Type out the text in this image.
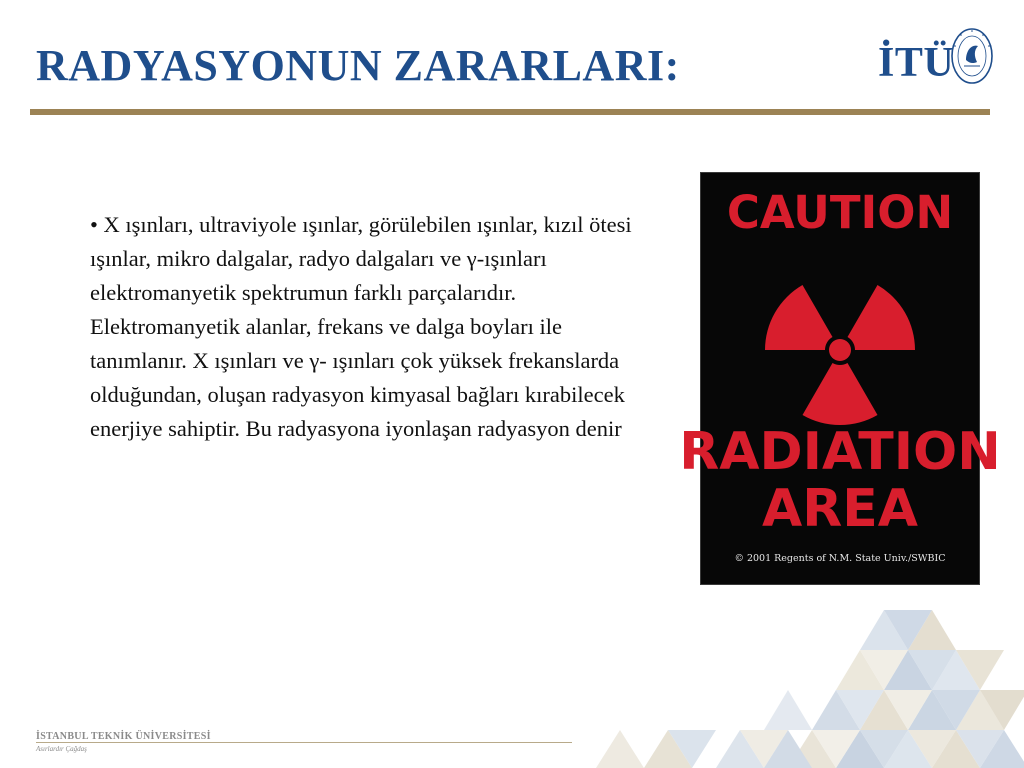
RADYASYONUN ZARARLARI:	İTÜ

• X ışınları, ultraviyole ışınlar, görülebilen ışınlar, kızıl ötesi ışınlar, mikro dalgalar, radyo dalgaları ve γ-ışınları elektromanyetik spektrumun farklı parçalarıdır. Elektromanyetik alanlar, frekans ve dalga boyları ile tanımlanır. X ışınları ve γ- ışınları çok yüksek frekanslarda olduğundan, oluşan radyasyon kimyasal bağları kırabilecek enerjiye sahiptir. Bu radyasyona iyonlaşan radyasyon denir

CAUTION
RADIATION
AREA
© 2001 Regents of N.M. State Univ./SWBIC

İSTANBUL TEKNİK ÜNİVERSİTESİ

Asırlardır Çağdaş
